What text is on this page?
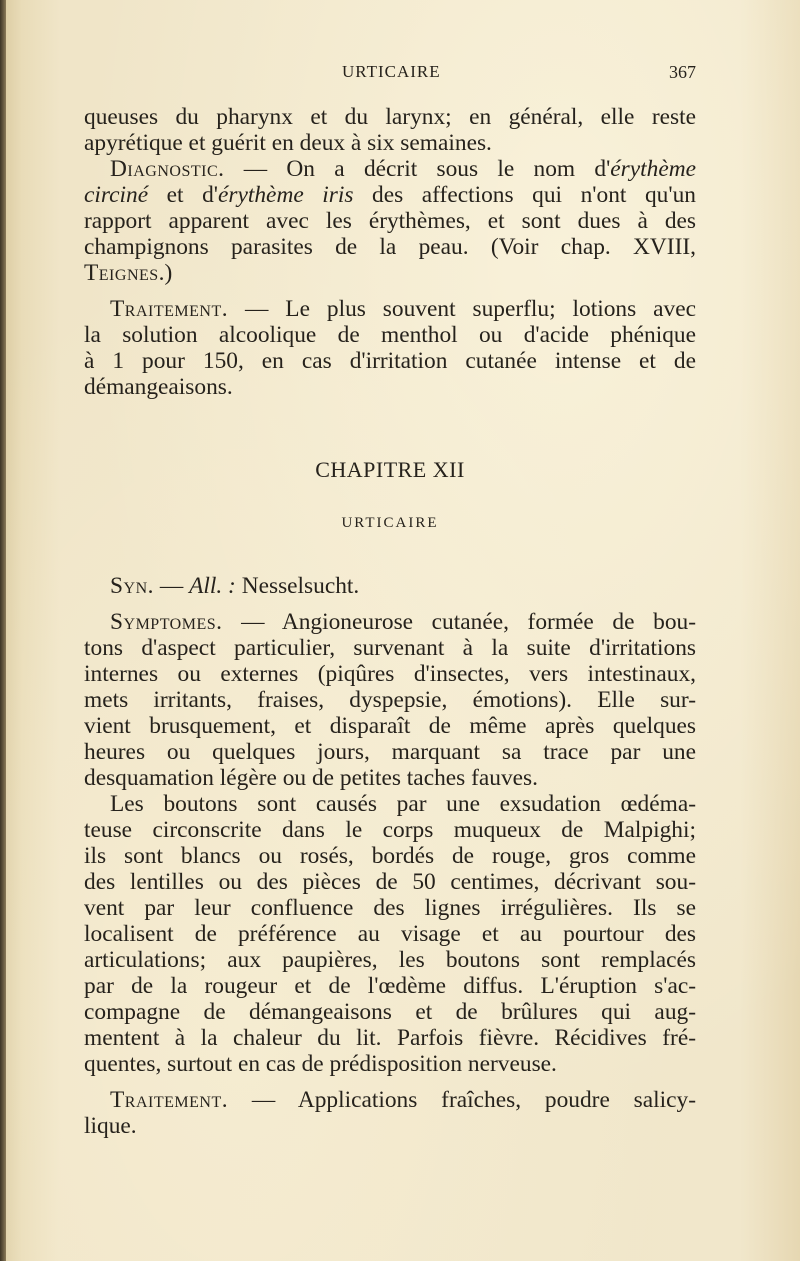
URTICAIRE	367
queuses du pharynx et du larynx; en général, elle reste
apyrétique et guérit en deux à six semaines.
Diagnostic. — On a décrit sous le nom d'érythème
circiné et d'érythème iris des affections qui n'ont qu'un
rapport apparent avec les érythèmes, et sont dues à des
champignons parasites de la peau. (Voir chap. XVIII,
Teignes.)
Traitement. — Le plus souvent superflu; lotions avec
la solution alcoolique de menthol ou d'acide phénique
à 1 pour 150, en cas d'irritation cutanée intense et de
démangeaisons.
CHAPITRE XII
URTICAIRE
Syn. — All. : Nesselsucht.
Symptomes. — Angioneurose cutanée, formée de bou-
tons d'aspect particulier, survenant à la suite d'irritations
internes ou externes (piqûres d'insectes, vers intestinaux,
mets irritants, fraises, dyspepsie, émotions). Elle sur-
vient brusquement, et disparaît de même après quelques
heures ou quelques jours, marquant sa trace par une
desquamation légère ou de petites taches fauves.
Les boutons sont causés par une exsudation œdéma-
teuse circonscrite dans le corps muqueux de Malpighi;
ils sont blancs ou rosés, bordés de rouge, gros comme
des lentilles ou des pièces de 50 centimes, décrivant sou-
vent par leur confluence des lignes irrégulières. Ils se
localisent de préférence au visage et au pourtour des
articulations; aux paupières, les boutons sont remplacés
par de la rougeur et de l'œdème diffus. L'éruption s'ac-
compagne de démangeaisons et de brûlures qui aug-
mentent à la chaleur du lit. Parfois fièvre. Récidives fré-
quentes, surtout en cas de prédisposition nerveuse.
Traitement. — Applications fraîches, poudre salicy-
lique.
